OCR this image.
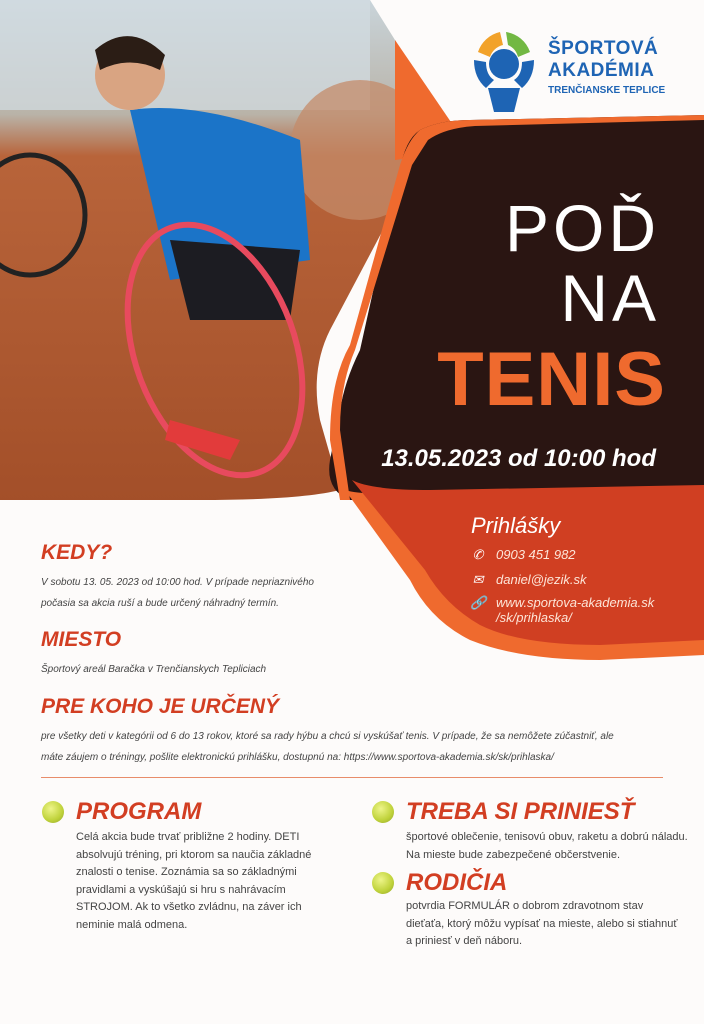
ŠPORTOVÁ
AKADÉMIA
TRENČIANSKE TEPLICE
POĎ
NA
TENIS
13.05.2023 od 10:00 hod
Prihlášky
✆ 0903 451 982
✉ daniel@jezik.sk
🔗 www.sportova-akademia.sk
/sk/prihlaska/
KEDY?
V sobotu 13. 05. 2023 od 10:00 hod. V prípade nepriaznivého
počasia sa akcia ruší a bude určený náhradný termín.
MIESTO
Športový areál Baračka v Trenčianskych Tepliciach
PRE KOHO JE URČENÝ
pre všetky deti v kategórii od 6 do 13 rokov, ktoré sa rady hýbu a chcú si vyskúšať tenis. V prípade, že sa nemôžete zúčastniť, ale
máte záujem o tréningy, pošlite elektronickú prihlášku, dostupnú na: https://www.sportova-akademia.sk/sk/prihlaska/
PROGRAM
Celá akcia bude trvať približne 2 hodiny. DETI absolvujú tréning, pri ktorom sa naučia základné znalosti o tenise. Zoznámia sa so základnými pravidlami a vyskúšajú si hru s nahrávacím STROJOM. Ak to všetko zvládnu, na záver ich neminie malá odmena.
TREBA SI PRINIESŤ
športové oblečenie, tenisovú obuv, raketu a dobrú náladu. Na mieste bude zabezpečené občerstvenie.
RODIČIA
potvrdia FORMULÁR o dobrom zdravotnom stav dieťaťa, ktorý môžu vypísať na mieste, alebo si stiahnuť a priniesť v deň náboru.
